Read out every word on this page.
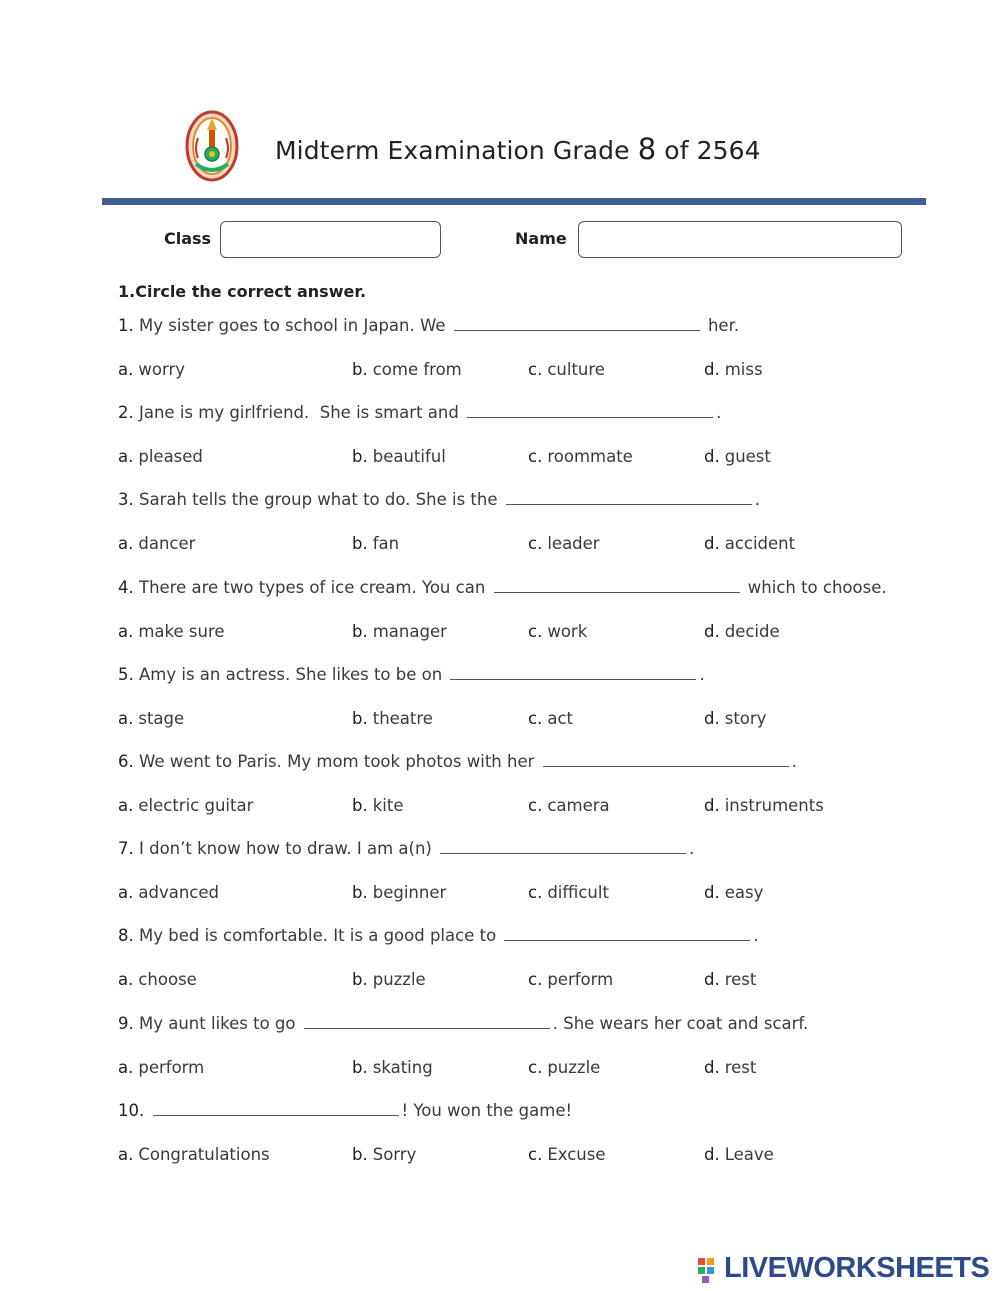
Midterm Examination Grade 8 of 2564
Class	Name
1.Circle the correct answer.
1. My sister goes to school in Japan. We	her.
a. worry	b. come from	c. culture	d. miss
2. Jane is my girlfriend.  She is smart and	.
a. pleased	b. beautiful	c. roommate	d. guest
3. Sarah tells the group what to do. She is the	.
a. dancer	b. fan	c. leader	d. accident
4. There are two types of ice cream. You can	which to choose.
a. make sure	b. manager	c. work	d. decide
5. Amy is an actress. She likes to be on	.
a. stage	b. theatre	c. act	d. story
6. We went to Paris. My mom took photos with her	.
a. electric guitar	b. kite	c. camera	d. instruments
7. I don’t know how to draw. I am a(n)	.
a. advanced	b. beginner	c. difficult	d. easy
8. My bed is comfortable. It is a good place to	.
a. choose	b. puzzle	c. perform	d. rest
9. My aunt likes to go	. She wears her coat and scarf.
a. perform	b. skating	c. puzzle	d. rest
10.	! You won the game!
a. Congratulations	b. Sorry	c. Excuse	d. Leave
LIVEWORKSHEETS
